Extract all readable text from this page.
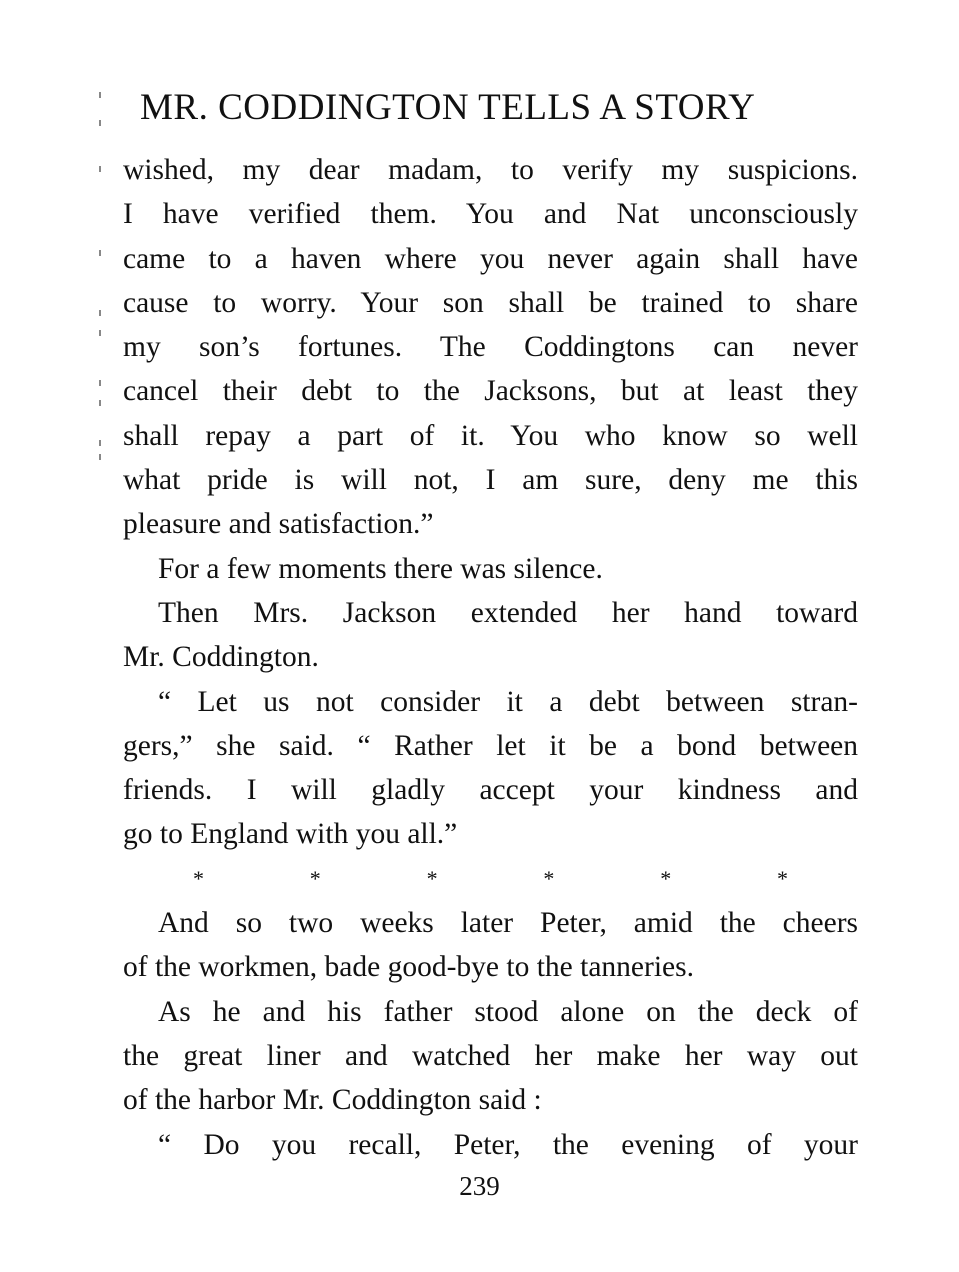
MR. CODDINGTON TELLS A STORY
wished, my dear madam, to verify my suspicions.
I have verified them. You and Nat unconsciously
came to a haven where you never again shall have
cause to worry. Your son shall be trained to share
my son’s fortunes. The Coddingtons can never
cancel their debt to the Jacksons, but at least they
shall repay a part of it. You who know so well
what pride is will not, I am sure, deny me this
pleasure and satisfaction.”
For a few moments there was silence.
Then Mrs. Jackson extended her hand toward
Mr. Coddington.
“ Let us not consider it a debt between stran-
gers,” she said. “ Rather let it be a bond between
friends. I will gladly accept your kindness and
go to England with you all.”
*	*	*	*	*	*
And so two weeks later Peter, amid the cheers
of the workmen, bade good-bye to the tanneries.
As he and his father stood alone on the deck of
the great liner and watched her make her way out
of the harbor Mr. Coddington said :
“ Do you recall, Peter, the evening of your
239
